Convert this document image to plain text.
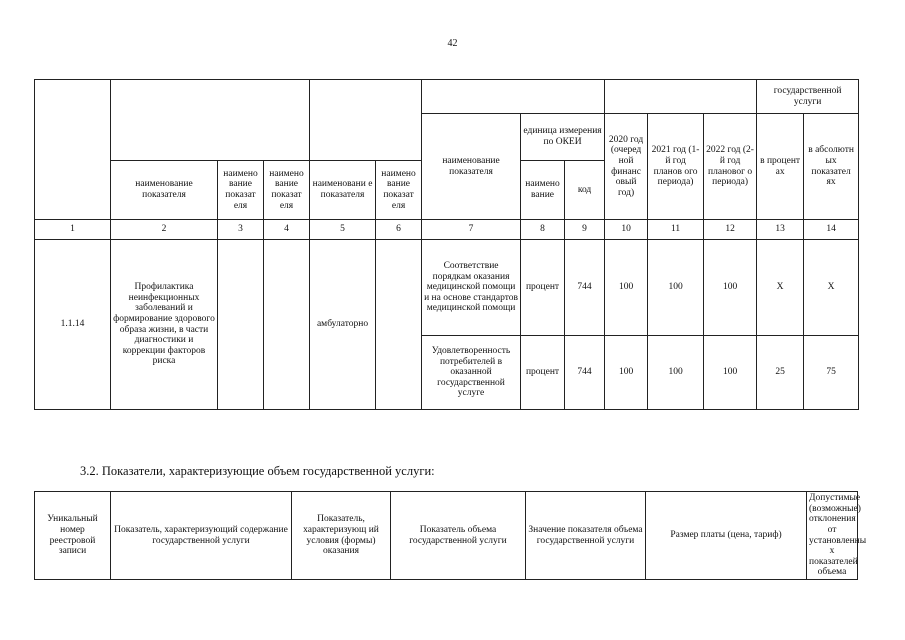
42
												государственной услуги	
						наименование показателя	единица измерения по ОКЕИ		2020 год (очеред ной финанс овый год)	2021 год (1-й год планов ого периода)	2022 год (2-й год плановог о периода)	в процент ах	в абсолютн ых показател ях
	наименование показателя	наимено вание показат еля	наимено вание показат еля	наименовани е показателя	наимено вание показат еля		наимено вание	код					
1	2	3	4	5	6	7	8	9	10	11	12	13	14
1.1.14	Профилактика неинфекционных заболеваний и формирование здорового образа жизни, в части диагностики и коррекции факторов риска			амбулаторно		Соответствие порядкам оказания медицинской помощи и на основе стандартов медицинской помощи	процент	744	100	100	100	X	X
						Удовлетворенность потребителей в оказанной государственной услуге	процент	744	100	100	100	25	75
3.2. Показатели, характеризующие объем государственной услуги:
Уникальный номер реестровой записи	Показатель, характеризующий содержание государственной услуги	Показатель, характеризующ ий условия (формы) оказания	Показатель объема государственной услуги	Значение показателя объема государственной услуги	Размер платы (цена, тариф)	Допустимые (возможные) отклонения от установленны х показателей объема
